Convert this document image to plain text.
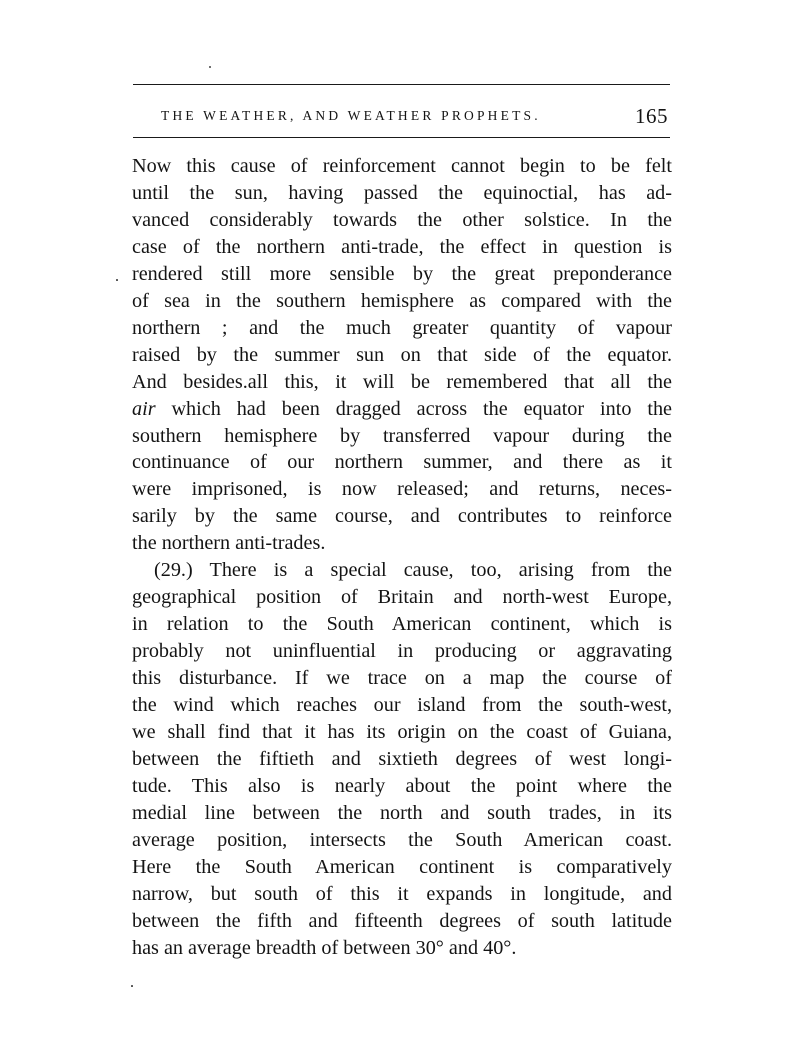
THE WEATHER, AND WEATHER PROPHETS.	165
Now this cause of reinforcement cannot begin to be felt
until the sun, having passed the equinoctial, has ad-
vanced considerably towards the other solstice. In the
case of the northern anti-trade, the effect in question is
rendered still more sensible by the great preponderance
of sea in the southern hemisphere as compared with the
northern ; and the much greater quantity of vapour
raised by the summer sun on that side of the equator.
And besides.all this, it will be remembered that all the
air which had been dragged across the equator into the
southern hemisphere by transferred vapour during the
continuance of our northern summer, and there as it
were imprisoned, is now released; and returns, neces-
sarily by the same course, and contributes to reinforce
the northern anti-trades.
(29.) There is a special cause, too, arising from the
geographical position of Britain and north-west Europe,
in relation to the South American continent, which is
probably not uninfluential in producing or aggravating
this disturbance. If we trace on a map the course of
the wind which reaches our island from the south-west,
we shall find that it has its origin on the coast of Guiana,
between the fiftieth and sixtieth degrees of west longi-
tude. This also is nearly about the point where the
medial line between the north and south trades, in its
average position, intersects the South American coast.
Here the South American continent is comparatively
narrow, but south of this it expands in longitude, and
between the fifth and fifteenth degrees of south latitude
has an average breadth of between 30° and 40°.
